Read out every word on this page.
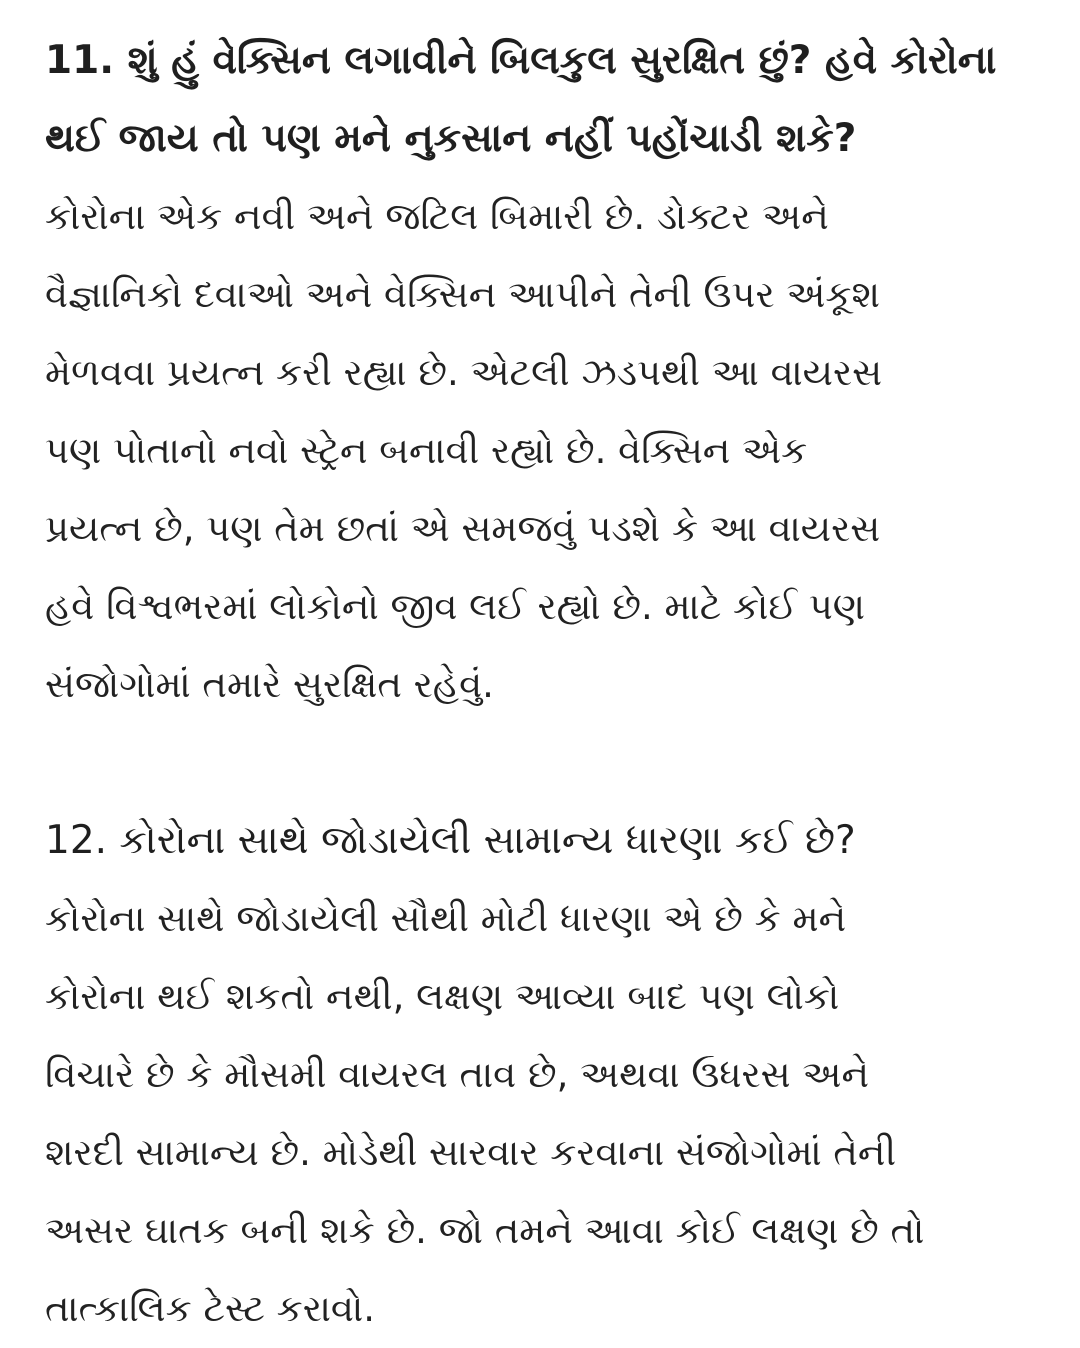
11. શું હું વેક્સિન લગાવીને બિલકુલ સુરક્ષિત છું? હવે કોરોના
થઈ જાય તો પણ મને નુકસાન નહીં પહોંચાડી શકે?

કોરોના એક નવી અને જટિલ બિમારી છે. ડોક્ટર અને
વૈજ્ઞાનિકો દવાઓ અને વેક્સિન આપીને તેની ઉપર અંકૂશ
મેળવવા પ્રયત્ન કરી રહ્યા છે. એટલી ઝડપથી આ વાયરસ
પણ પોતાનો નવો સ્ટ્રેન બનાવી રહ્યો છે. વેક્સિન એક
પ્રયત્ન છે, પણ તેમ છતાં એ સમજવું પડશે કે આ વાયરસ
હવે વિશ્વભરમાં લોકોનો જીવ લઈ રહ્યો છે. માટે કોઈ પણ
સંજોગોમાં તમારે સુરક્ષિત રહેવું.

12. કોરોના સાથે જોડાયેલી સામાન્ય ધારણા કઈ છે?

કોરોના સાથે જોડાયેલી સૌથી મોટી ધારણા એ છે કે મને
કોરોના થઈ શકતો નથી, લક્ષણ આવ્યા બાદ પણ લોકો
વિચારે છે કે મૌસમી વાયરલ તાવ છે, અથવા ઉધરસ અને
શરદી સામાન્ય છે. મોડેથી સારવાર કરવાના સંજોગોમાં તેની
અસર ઘાતક બની શકે છે. જો તમને આવા કોઈ લક્ષણ છે તો
તાત્કાલિક ટેસ્ટ કરાવો.
